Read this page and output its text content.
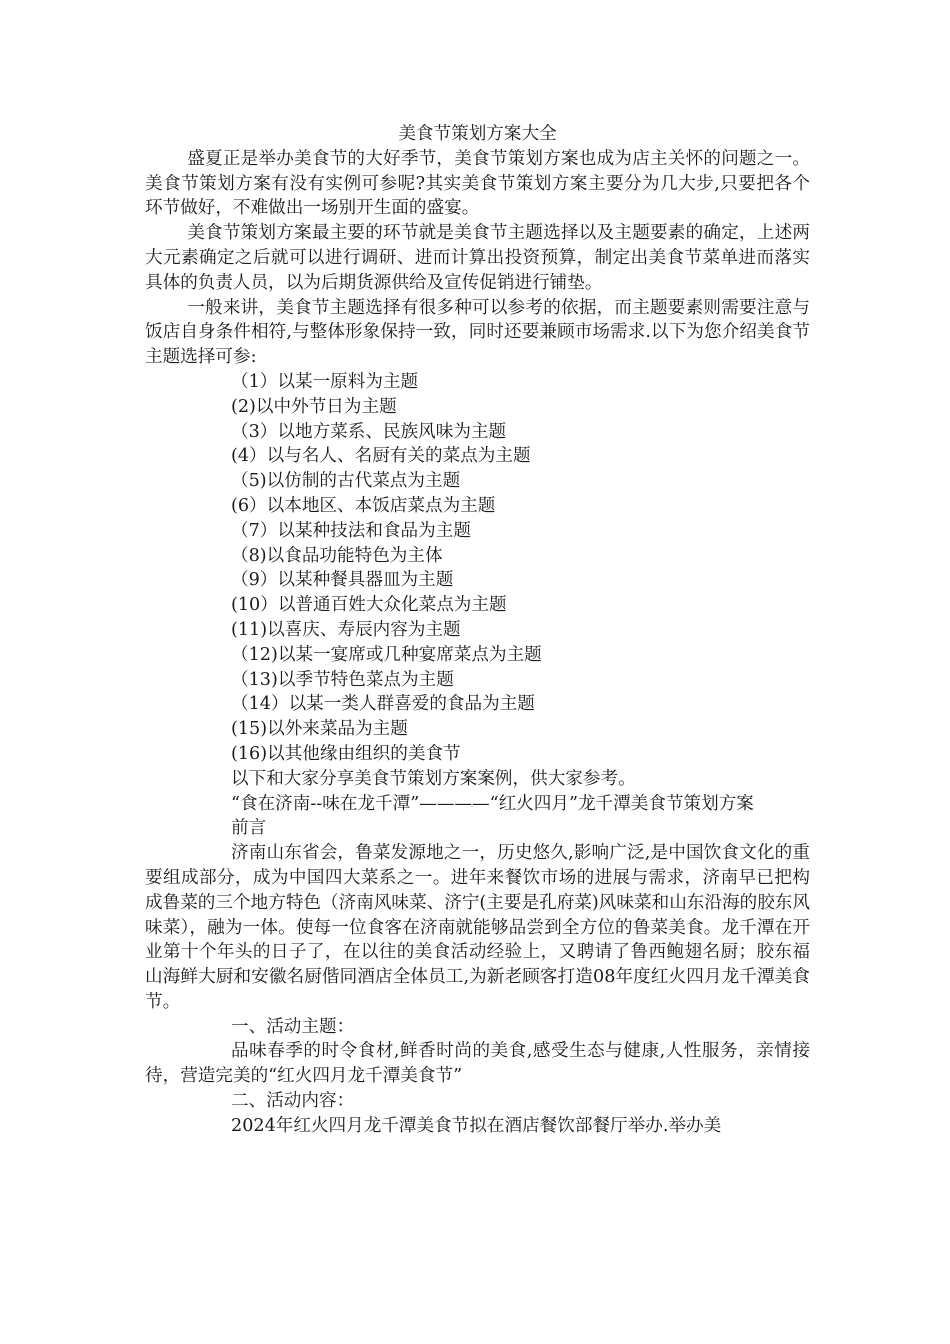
美食节策划方案大全

盛夏正是举办美食节的大好季节，美食节策划方案也成为店主关怀的问题之一。美食节策划方案有没有实例可参呢?其实美食节策划方案主要分为几大步,只要把各个环节做好，不难做出一场别开生面的盛宴。

美食节策划方案最主要的环节就是美食节主题选择以及主题要素的确定，上述两大元素确定之后就可以进行调研、进而计算出投资预算，制定出美食节菜单进而落实具体的负责人员，以为后期货源供给及宣传促销进行铺垫。

一般来讲，美食节主题选择有很多种可以参考的依据，而主题要素则需要注意与饭店自身条件相符,与整体形象保持一致，同时还要兼顾市场需求.以下为您介绍美食节主题选择可参:

（1）以某一原料为主题

(2)以中外节日为主题

（3）以地方菜系、民族风味为主题

(4）以与名人、名厨有关的菜点为主题

（5)以仿制的古代菜点为主题

(6）以本地区、本饭店菜点为主题

（7）以某种技法和食品为主题

（8)以食品功能特色为主体

（9）以某种餐具器皿为主题

(10）以普通百姓大众化菜点为主题

(11)以喜庆、寿辰内容为主题

（12)以某一宴席或几种宴席菜点为主题

（13)以季节特色菜点为主题

（14）以某一类人群喜爱的食品为主题

(15)以外来菜品为主题

(16)以其他缘由组织的美食节

以下和大家分享美食节策划方案案例，供大家参考。

“食在济南--味在龙千潭”————“红火四月”龙千潭美食节策划方案

前言

济南山东省会，鲁菜发源地之一，历史悠久,影响广泛,是中国饮食文化的重要组成部分，成为中国四大菜系之一。进年来餐饮市场的进展与需求，济南早已把构成鲁菜的三个地方特色（济南风味菜、济宁(主要是孔府菜)风味菜和山东沿海的胶东风味菜），融为一体。使每一位食客在济南就能够品尝到全方位的鲁菜美食。龙千潭在开业第十个年头的日子了，在以往的美食活动经验上，又聘请了鲁西鲍翅名厨；胶东福山海鲜大厨和安徽名厨偕同酒店全体员工,为新老顾客打造08年度红火四月龙千潭美食节。

一、活动主题：

品味春季的时令食材,鲜香时尚的美食,感受生态与健康,人性服务，亲情接待，营造完美的“红火四月龙千潭美食节”

二、活动内容：

2024年红火四月龙千潭美食节拟在酒店餐饮部餐厅举办.举办美
